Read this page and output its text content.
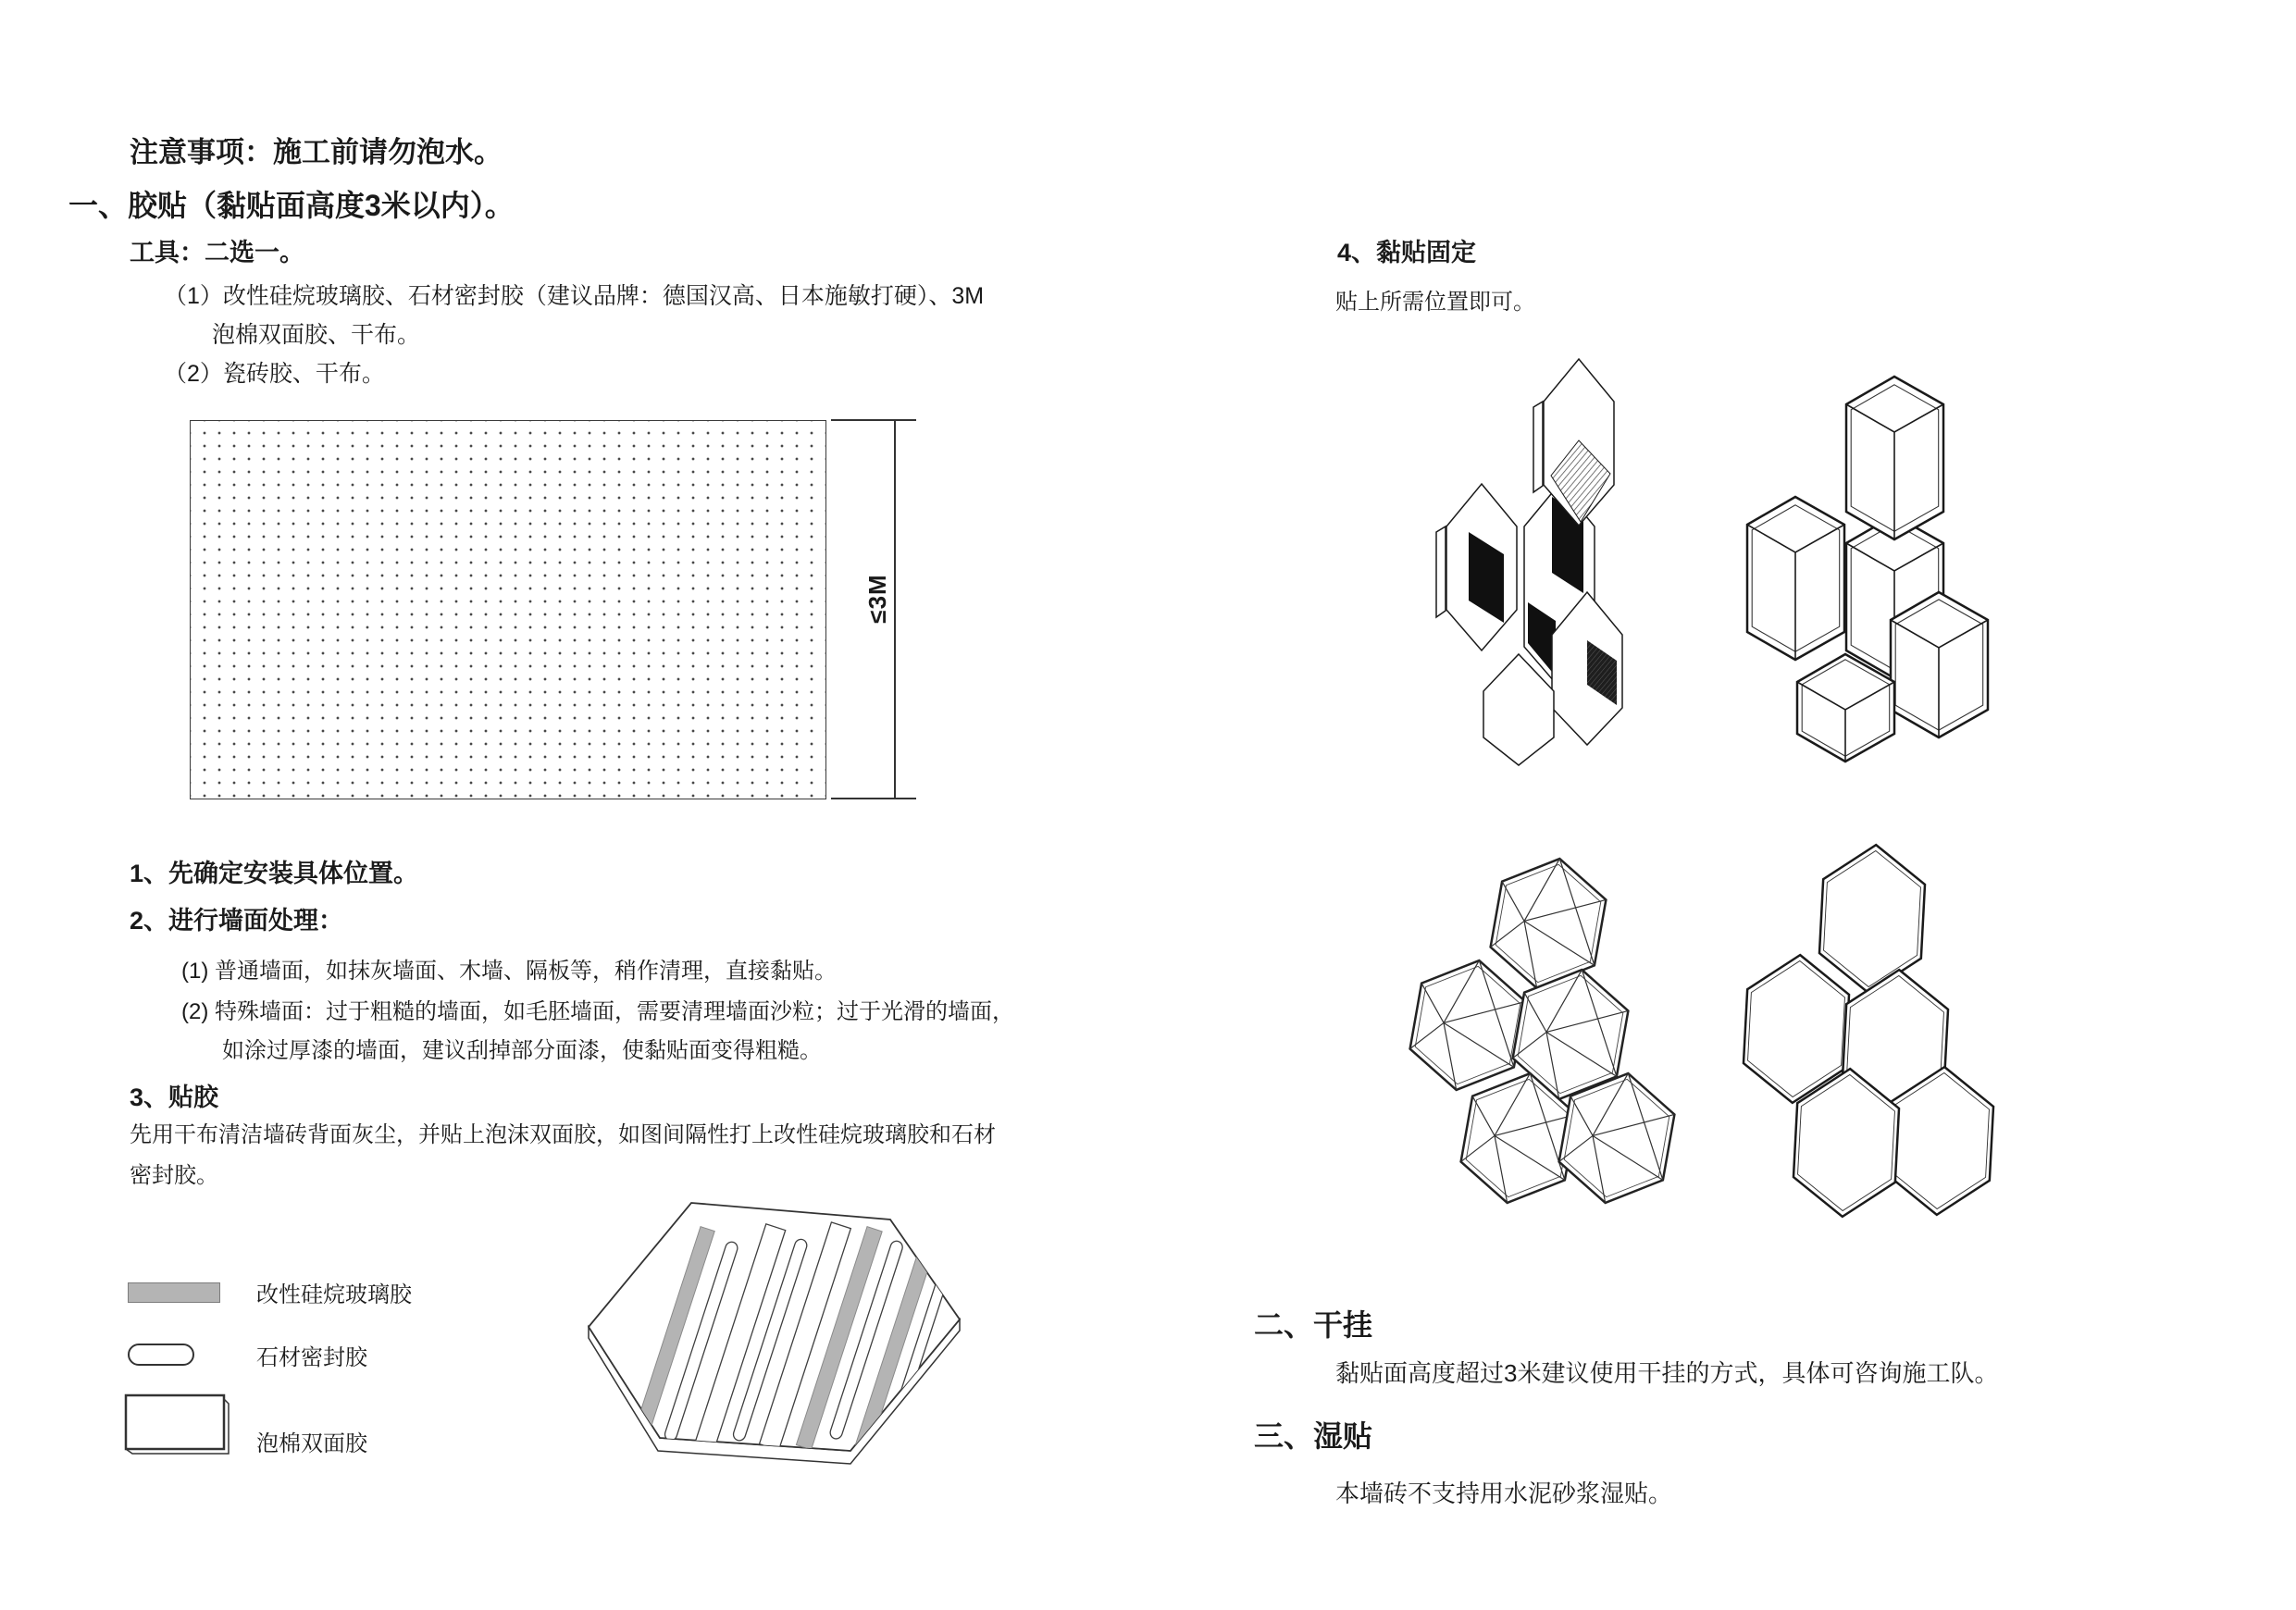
注意事项：施工前请勿泡水。
一、胶贴（黏贴面高度3米以内）。
工具：二选一。
（1）改性硅烷玻璃胶、石材密封胶（建议品牌：德国汉高、日本施敏打硬）、3M
泡棉双面胶、干布。
（2）瓷砖胶、干布。
≤3M
1、先确定安装具体位置。
2、进行墙面处理：
(1) 普通墙面，如抹灰墙面、木墙、隔板等，稍作清理，直接黏贴。
(2) 特殊墙面：过于粗糙的墙面，如毛胚墙面，需要清理墙面沙粒；过于光滑的墙面，
如涂过厚漆的墙面，建议刮掉部分面漆，使黏贴面变得粗糙。
3、贴胶
先用干布清洁墙砖背面灰尘，并贴上泡沫双面胶，如图间隔性打上改性硅烷玻璃胶和石材
密封胶。
改性硅烷玻璃胶
石材密封胶
泡棉双面胶
4、黏贴固定
贴上所需位置即可。
二、干挂
黏贴面高度超过3米建议使用干挂的方式，具体可咨询施工队。
三、湿贴
本墙砖不支持用水泥砂浆湿贴。
